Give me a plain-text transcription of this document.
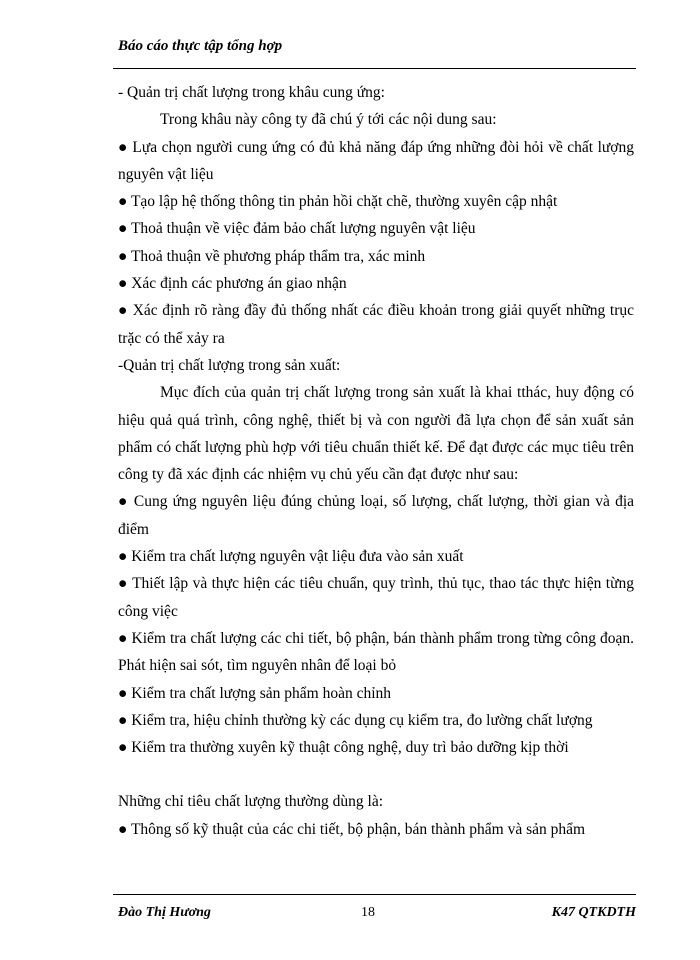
Báo cáo thực tập tổng hợp

- Quản trị chất lượng trong khâu cung ứng:

Trong khâu này công ty đã chú ý tới các nội dung sau:

● Lựa chọn người cung ứng có đủ khả năng đáp ứng những đòi hỏi về chất lượng nguyên vật liệu

● Tạo lập hệ thống thông tin phản hồi chặt chẽ, thường xuyên cập nhật

● Thoả thuận về việc đảm bảo chất lượng nguyên vật liệu

● Thoả thuận về phương pháp thẩm tra, xác minh

● Xác định các phương án giao nhận

● Xác định rõ ràng đầy đủ thống nhất các điều khoản trong giải quyết những trục trặc có thể xảy ra

-Quản trị chất lượng trong sản xuất:

Mục đích của quản trị chất lượng trong sản xuất là khai tthác, huy động có hiệu quả quá trình, công nghệ, thiết bị và con người đã lựa chọn để sản xuất sản phẩm có chất lượng phù hợp với tiêu chuẩn thiết kế. Để đạt được các mục tiêu trên công ty đã xác định các nhiệm vụ chủ yếu cần đạt được như sau:

● Cung ứng nguyên liệu đúng chủng loại, số lượng, chất lượng, thời gian và địa điểm

● Kiểm tra chất lượng nguyên vật liệu đưa vào sản xuất

● Thiết lập và thực hiện các tiêu chuẩn, quy trình, thủ tục, thao tác thực hiện từng công việc

● Kiểm tra chất lượng các chi tiết, bộ phận, bán thành phẩm trong từng công đoạn. Phát hiện sai sót, tìm nguyên nhân để loại bỏ

● Kiểm tra chất lượng sản phẩm hoàn chỉnh

● Kiểm tra, hiệu chỉnh thường kỳ các dụng cụ kiểm tra, đo lường chất lượng

● Kiểm tra thường xuyên kỹ thuật công nghệ, duy trì bảo dưỡng kịp thời

Những chỉ tiêu chất lượng thường dùng là:

● Thông số kỹ thuật của các chi tiết, bộ phận, bán thành phẩm và sản phẩm

Đào Thị Hương	18	K47 QTKDTH
